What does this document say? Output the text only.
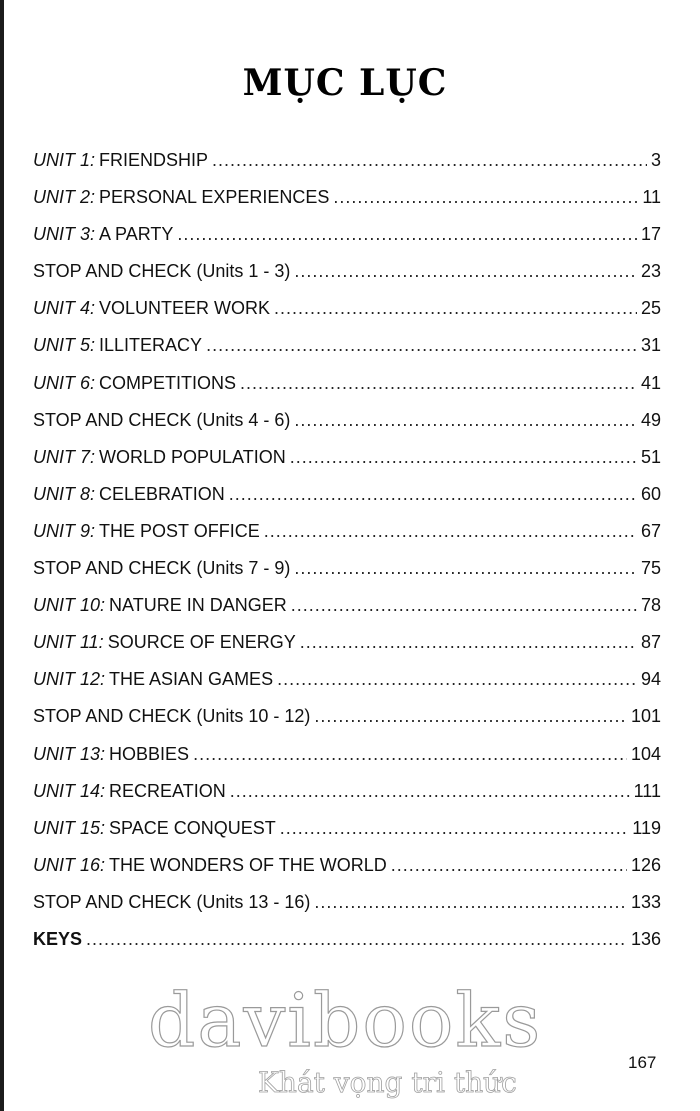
MỤC LỤC
UNIT 1: FRIENDSHIP .....	3
UNIT 2: PERSONAL EXPERIENCES .....	11
UNIT 3: A PARTY .....	17
STOP AND CHECK (Units 1 - 3) .....	23
UNIT 4: VOLUNTEER WORK .....	25
UNIT 5: ILLITERACY .....	31
UNIT 6: COMPETITIONS .....	41
STOP AND CHECK (Units 4 - 6) .....	49
UNIT 7: WORLD POPULATION .....	51
UNIT 8: CELEBRATION .....	60
UNIT 9: THE POST OFFICE .....	67
STOP AND CHECK (Units 7 - 9) .....	75
UNIT 10: NATURE IN DANGER .....	78
UNIT 11: SOURCE OF ENERGY .....	87
UNIT 12: THE ASIAN GAMES .....	94
STOP AND CHECK (Units 10 - 12) .....	101
UNIT 13: HOBBIES .....	104
UNIT 14: RECREATION .....	111
UNIT 15: SPACE CONQUEST .....	119
UNIT 16: THE WONDERS OF THE WORLD .....	126
STOP AND CHECK (Units 13 - 16) .....	133
KEYS .....	136
davibooks
Khát vọng tri thức
167
